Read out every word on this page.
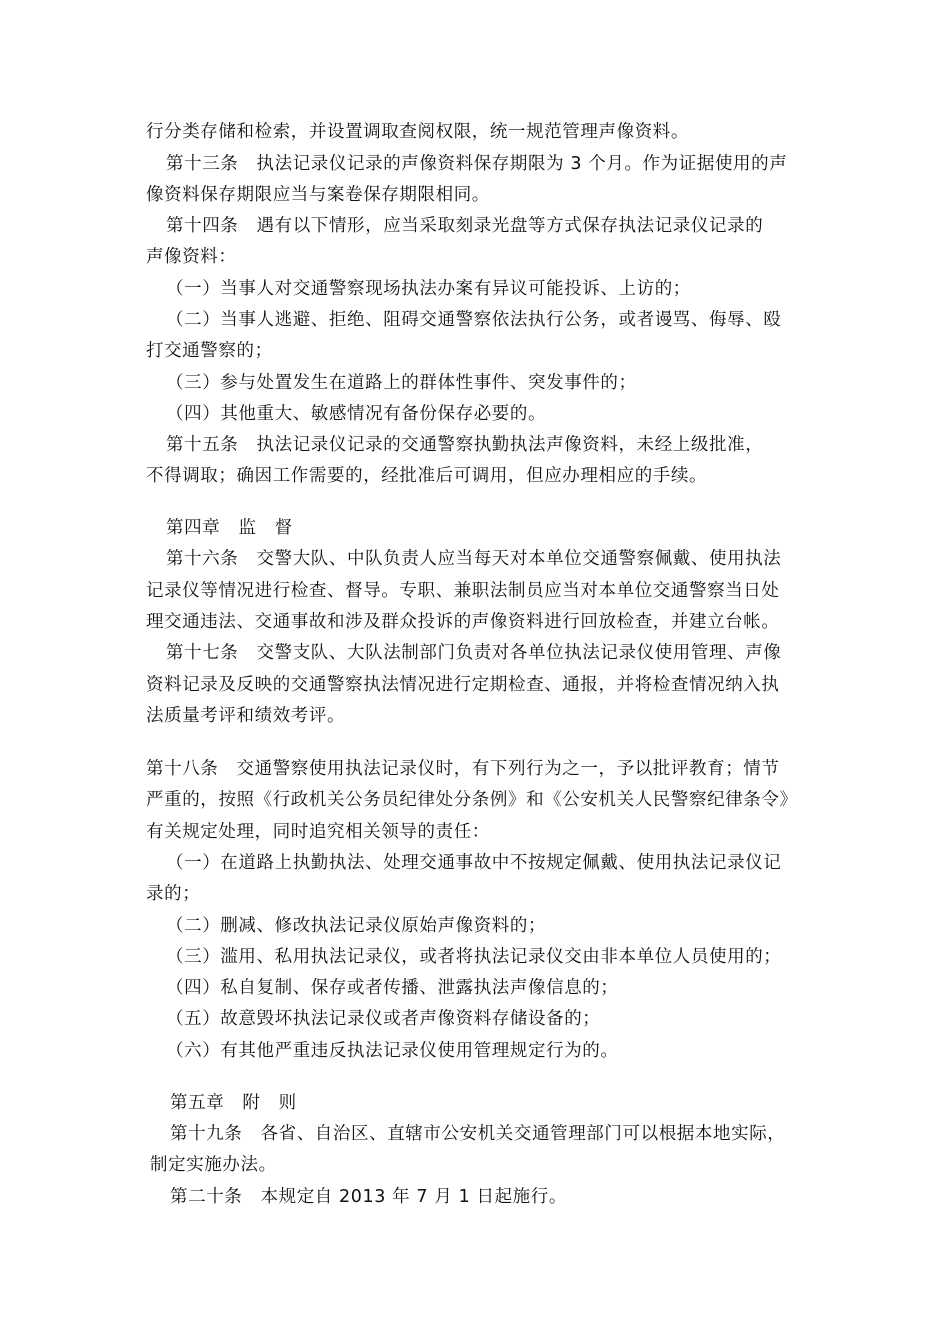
行分类存储和检索，并设置调取查阅权限，统一规范管理声像资料。
第十三条　执法记录仪记录的声像资料保存期限为 3 个月。作为证据使用的声
像资料保存期限应当与案卷保存期限相同。
第十四条　遇有以下情形，应当采取刻录光盘等方式保存执法记录仪记录的
声像资料：
（一）当事人对交通警察现场执法办案有异议可能投诉、上访的；
（二）当事人逃避、拒绝、阻碍交通警察依法执行公务，或者谩骂、侮辱、殴
打交通警察的；
（三）参与处置发生在道路上的群体性事件、突发事件的；
（四）其他重大、敏感情况有备份保存必要的。
第十五条　执法记录仪记录的交通警察执勤执法声像资料，未经上级批准，
不得调取；确因工作需要的，经批准后可调用，但应办理相应的手续。
第四章　监　督
第十六条　交警大队、中队负责人应当每天对本单位交通警察佩戴、使用执法
记录仪等情况进行检查、督导。专职、兼职法制员应当对本单位交通警察当日处
理交通违法、交通事故和涉及群众投诉的声像资料进行回放检查，并建立台帐。
第十七条　交警支队、大队法制部门负责对各单位执法记录仪使用管理、声像
资料记录及反映的交通警察执法情况进行定期检查、通报，并将检查情况纳入执
法质量考评和绩效考评。
第十八条　交通警察使用执法记录仪时，有下列行为之一，予以批评教育；情节
严重的，按照《行政机关公务员纪律处分条例》和《公安机关人民警察纪律条令》
有关规定处理，同时追究相关领导的责任：
（一）在道路上执勤执法、处理交通事故中不按规定佩戴、使用执法记录仪记
录的；
（二）删减、修改执法记录仪原始声像资料的；
（三）滥用、私用执法记录仪，或者将执法记录仪交由非本单位人员使用的；
（四）私自复制、保存或者传播、泄露执法声像信息的；
（五）故意毁坏执法记录仪或者声像资料存储设备的；
（六）有其他严重违反执法记录仪使用管理规定行为的。
第五章　附　则
第十九条　各省、自治区、直辖市公安机关交通管理部门可以根据本地实际，
制定实施办法。
第二十条　本规定自 2013 年 7 月 1 日起施行。
